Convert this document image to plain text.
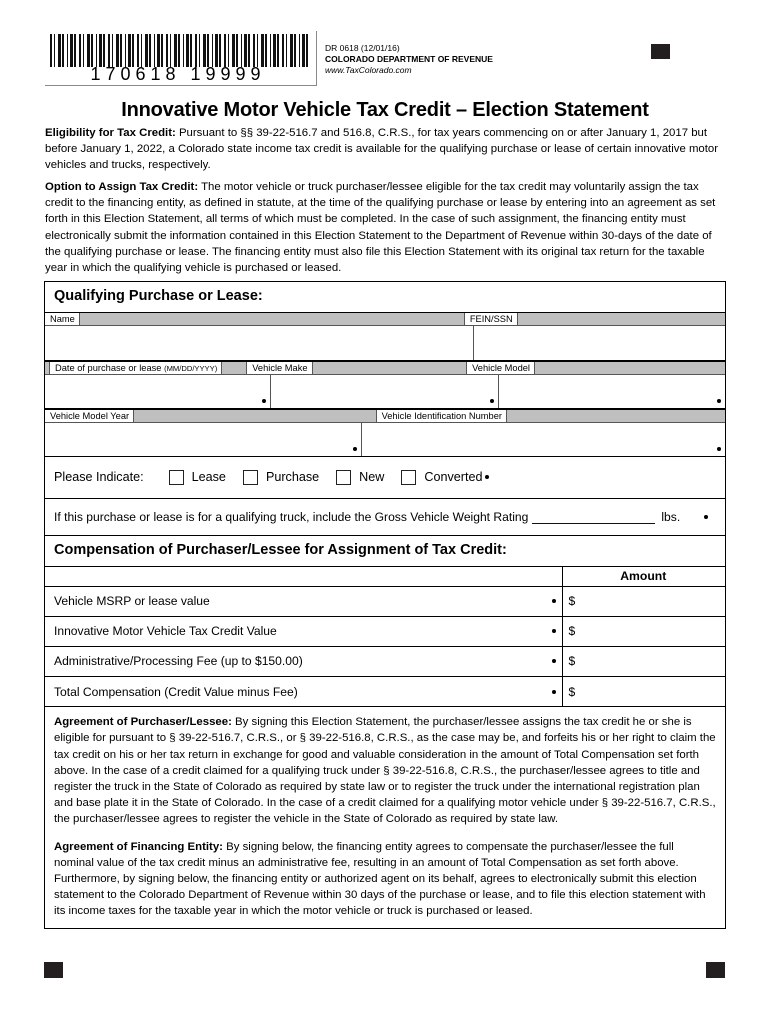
170618 19999
DR 0618 (12/01/16)
COLORADO DEPARTMENT OF REVENUE
www.TaxColorado.com
Innovative Motor Vehicle Tax Credit – Election Statement
Eligibility for Tax Credit: Pursuant to §§ 39-22-516.7 and 516.8, C.R.S., for tax years commencing on or after January 1, 2017 but before January 1, 2022, a Colorado state income tax credit is available for the qualifying purchase or lease of certain innovative motor vehicles and trucks, respectively.
Option to Assign Tax Credit: The motor vehicle or truck purchaser/lessee eligible for the tax credit may voluntarily assign the tax credit to the financing entity, as defined in statute, at the time of the qualifying purchase or lease by entering into an agreement as set forth in this Election Statement, all terms of which must be completed. In the case of such assignment, the financing entity must electronically submit the information contained in this Election Statement to the Department of Revenue within 30-days of the date of the qualifying purchase or lease. The financing entity must also file this Election Statement with its original tax return for the taxable year in which the qualifying vehicle is purchased or leased.
Qualifying Purchase or Lease:
Name	FEIN/SSN
Date of purchase or lease (MM/DD/YYYY)	Vehicle Make	Vehicle Model
Vehicle Model Year	Vehicle Identification Number
Please Indicate:	Lease	Purchase	New	Converted
If this purchase or lease is for a qualifying truck, include the Gross Vehicle Weight Rating	lbs.
Compensation of Purchaser/Lessee for Assignment of Tax Credit:
	Amount
Vehicle MSRP or lease value	$
Innovative Motor Vehicle Tax Credit Value	$
Administrative/Processing Fee (up to $150.00)	$
Total Compensation (Credit Value minus Fee)	$
Agreement of Purchaser/Lessee: By signing this Election Statement, the purchaser/lessee assigns the tax credit he or she is eligible for pursuant to § 39-22-516.7, C.R.S., or § 39-22-516.8, C.R.S., as the case may be, and forfeits his or her right to claim the tax credit on his or her tax return in exchange for good and valuable consideration in the amount of Total Compensation set forth above. In the case of a credit claimed for a qualifying truck under § 39-22-516.8, C.R.S., the purchaser/lessee agrees to title and register the truck in the State of Colorado as required by state law or to register the truck under the international registration plan and base plate it in the State of Colorado. In the case of a credit claimed for a qualifying motor vehicle under § 39-22-516.7, C.R.S., the purchaser/lessee agrees to register the vehicle in the State of Colorado as required by state law.
Agreement of Financing Entity: By signing below, the financing entity agrees to compensate the purchaser/lessee the full nominal value of the tax credit minus an administrative fee, resulting in an amount of Total Compensation as set forth above. Furthermore, by signing below, the financing entity or authorized agent on its behalf, agrees to electronically submit this election statement to the Colorado Department of Revenue within 30 days of the purchase or lease, and to file this election statement with its income taxes for the taxable year in which the motor vehicle or truck is purchased or leased.
